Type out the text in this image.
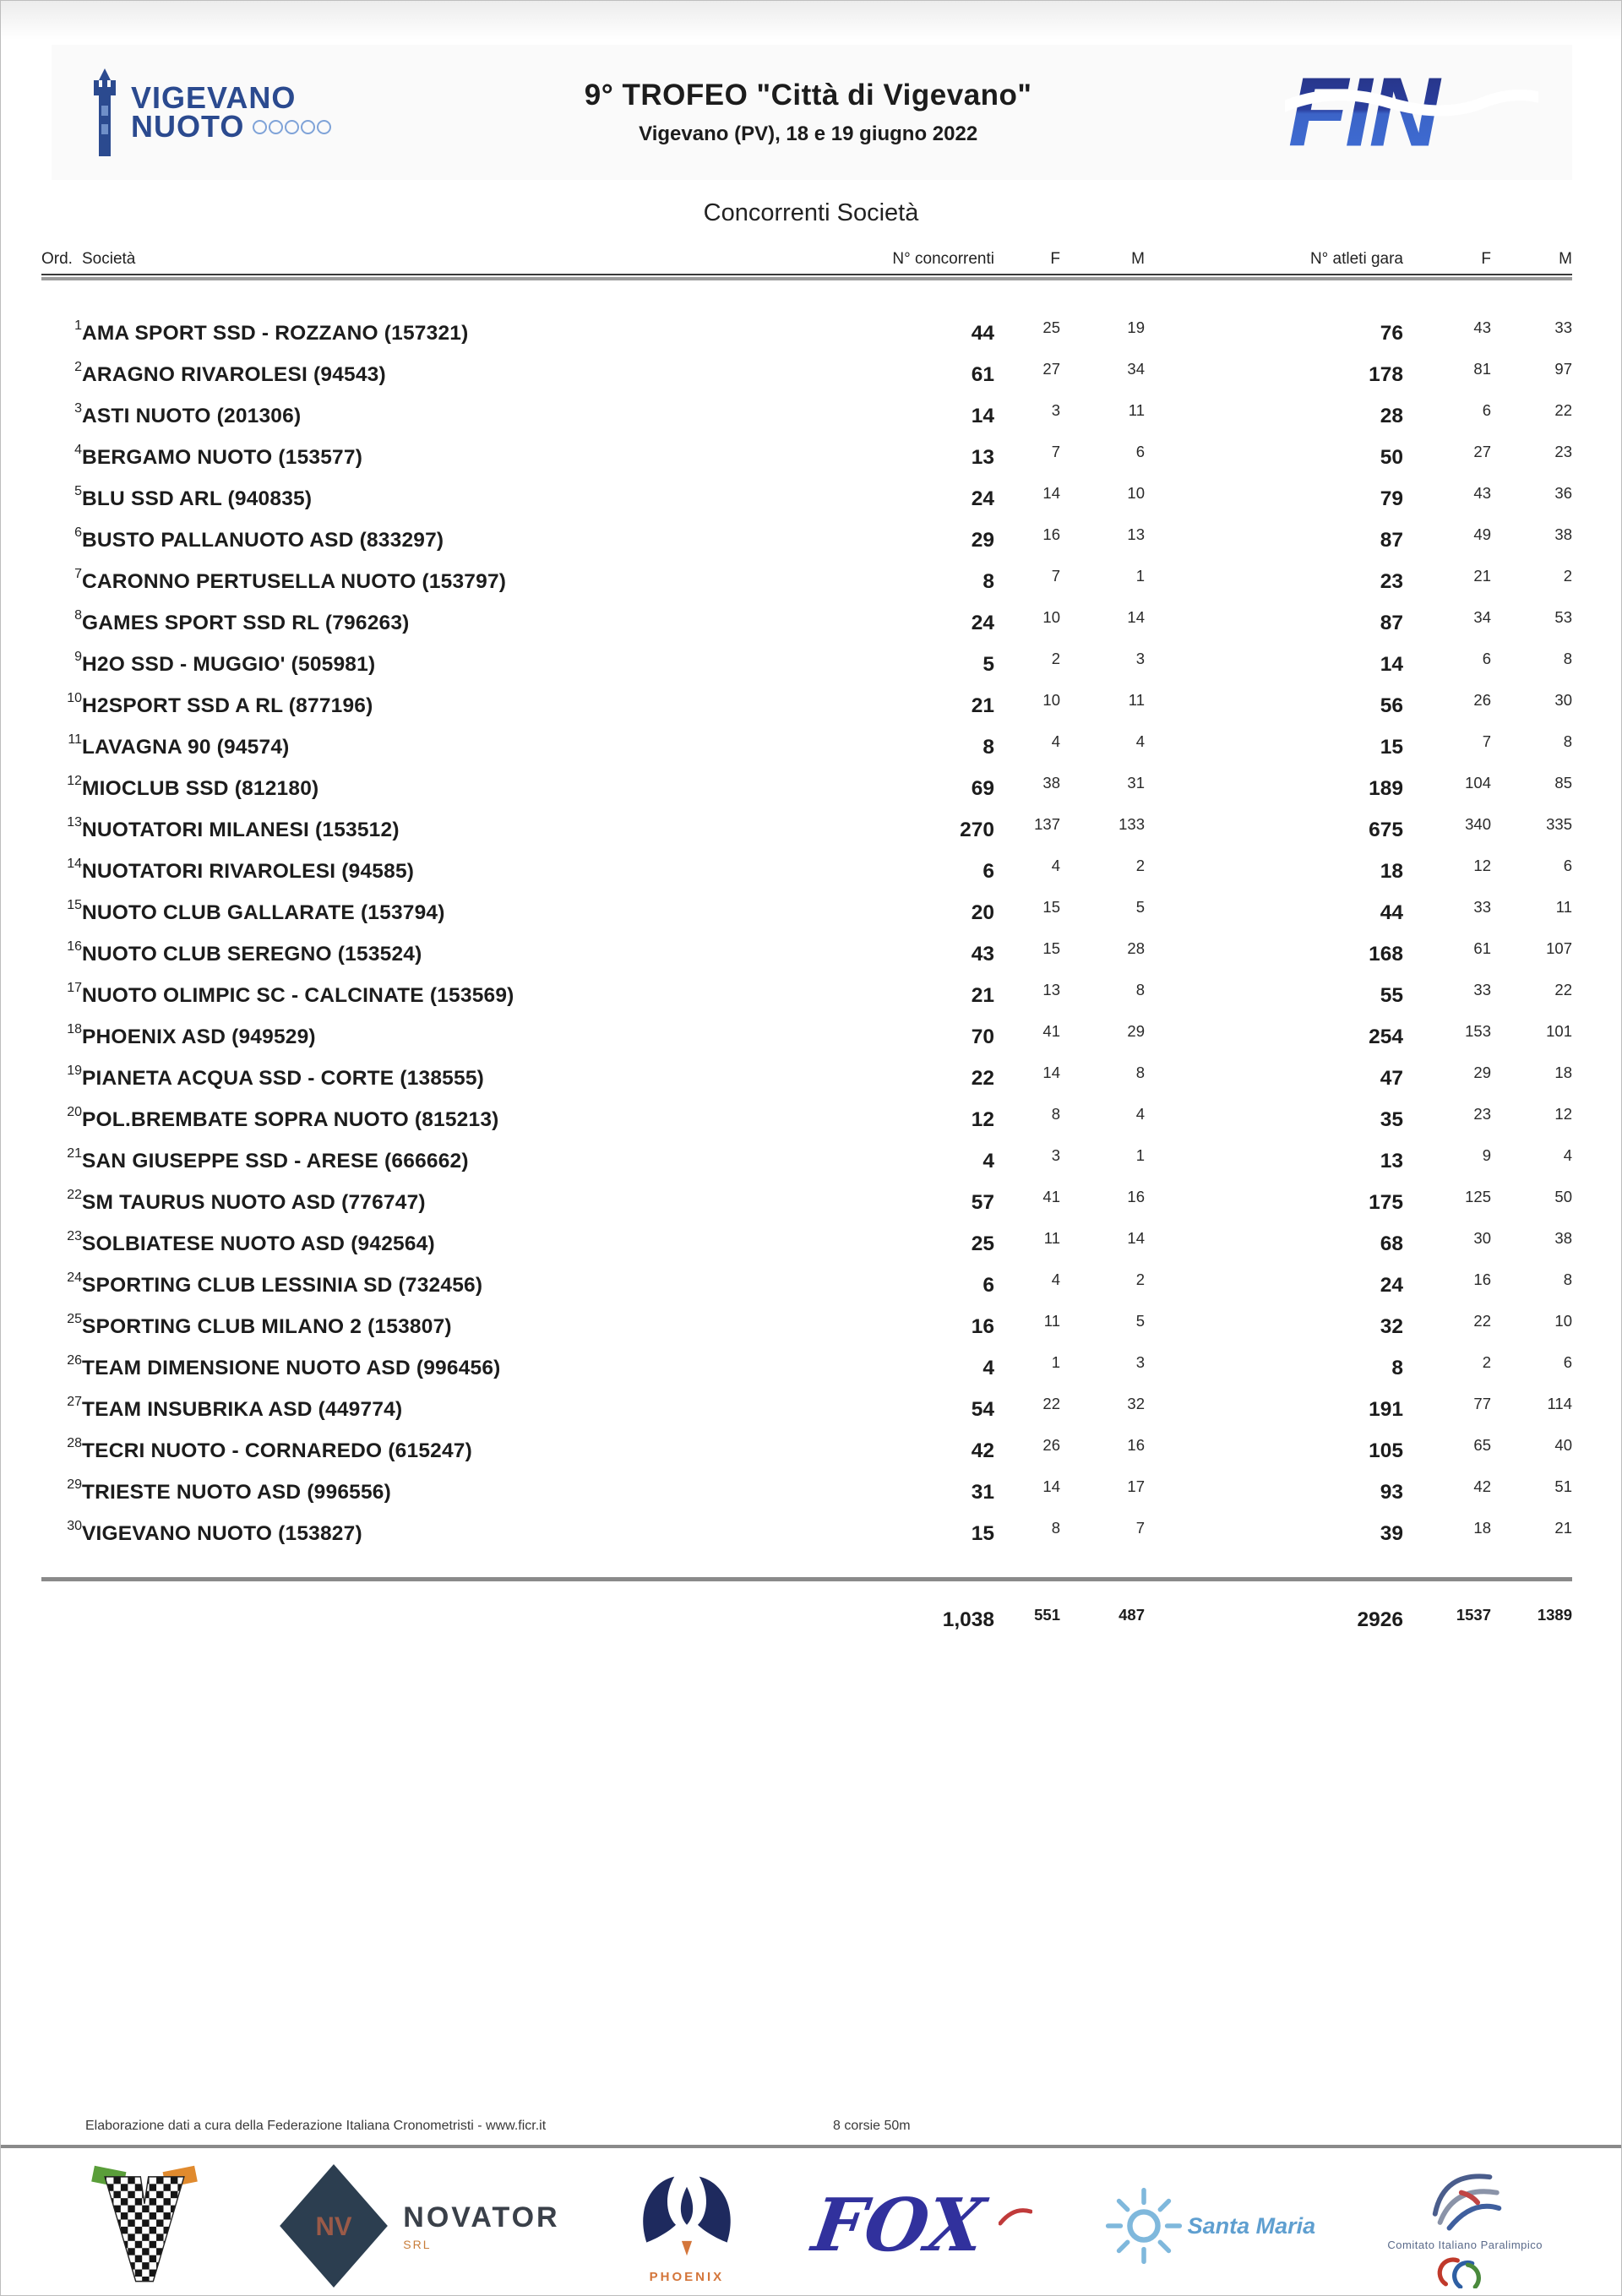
VIGEVANO
NUOTO
9° TROFEO "Città di Vigevano"
Vigevano (PV), 18 e 19 giugno 2022	FIN
Concorrenti Società
Ord.	Società	N° concorrenti	F	M	N° atleti gara	F	M

1	AMA SPORT SSD - ROZZANO (157321)	44	25	19	76	43	33
2	ARAGNO RIVAROLESI (94543)	61	27	34	178	81	97
3	ASTI NUOTO (201306)	14	3	11	28	6	22
4	BERGAMO NUOTO (153577)	13	7	6	50	27	23
5	BLU SSD ARL (940835)	24	14	10	79	43	36
6	BUSTO PALLANUOTO ASD (833297)	29	16	13	87	49	38
7	CARONNO PERTUSELLA NUOTO (153797)	8	7	1	23	21	2
8	GAMES SPORT SSD RL (796263)	24	10	14	87	34	53
9	H2O SSD - MUGGIO' (505981)	5	2	3	14	6	8
10	H2SPORT SSD A RL (877196)	21	10	11	56	26	30
11	LAVAGNA 90 (94574)	8	4	4	15	7	8
12	MIOCLUB SSD (812180)	69	38	31	189	104	85
13	NUOTATORI MILANESI (153512)	270	137	133	675	340	335
14	NUOTATORI RIVAROLESI (94585)	6	4	2	18	12	6
15	NUOTO CLUB GALLARATE (153794)	20	15	5	44	33	11
16	NUOTO CLUB SEREGNO (153524)	43	15	28	168	61	107
17	NUOTO OLIMPIC SC - CALCINATE (153569)	21	13	8	55	33	22
18	PHOENIX ASD (949529)	70	41	29	254	153	101
19	PIANETA ACQUA SSD - CORTE (138555)	22	14	8	47	29	18
20	POL.BREMBATE SOPRA NUOTO (815213)	12	8	4	35	23	12
21	SAN GIUSEPPE SSD - ARESE (666662)	4	3	1	13	9	4
22	SM TAURUS NUOTO ASD (776747)	57	41	16	175	125	50
23	SOLBIATESE NUOTO ASD (942564)	25	11	14	68	30	38
24	SPORTING CLUB LESSINIA SD (732456)	6	4	2	24	16	8
25	SPORTING CLUB MILANO 2 (153807)	16	11	5	32	22	10
26	TEAM DIMENSIONE NUOTO ASD (996456)	4	1	3	8	2	6
27	TEAM INSUBRIKA ASD (449774)	54	22	32	191	77	114
28	TECRI NUOTO - CORNAREDO (615247)	42	26	16	105	65	40
29	TRIESTE NUOTO ASD (996556)	31	14	17	93	42	51
30	VIGEVANO NUOTO (153827)	15	8	7	39	18	21

		1,038	551	487	2926	1537	1389
Elaborazione dati a cura della Federazione Italiana Cronometristi - www.ficr.it	8 corsie 50m
NV NOVATOR
SRL
PHOENIX
FOX	Santa Maria
Comitato Italiano Paralimpico
